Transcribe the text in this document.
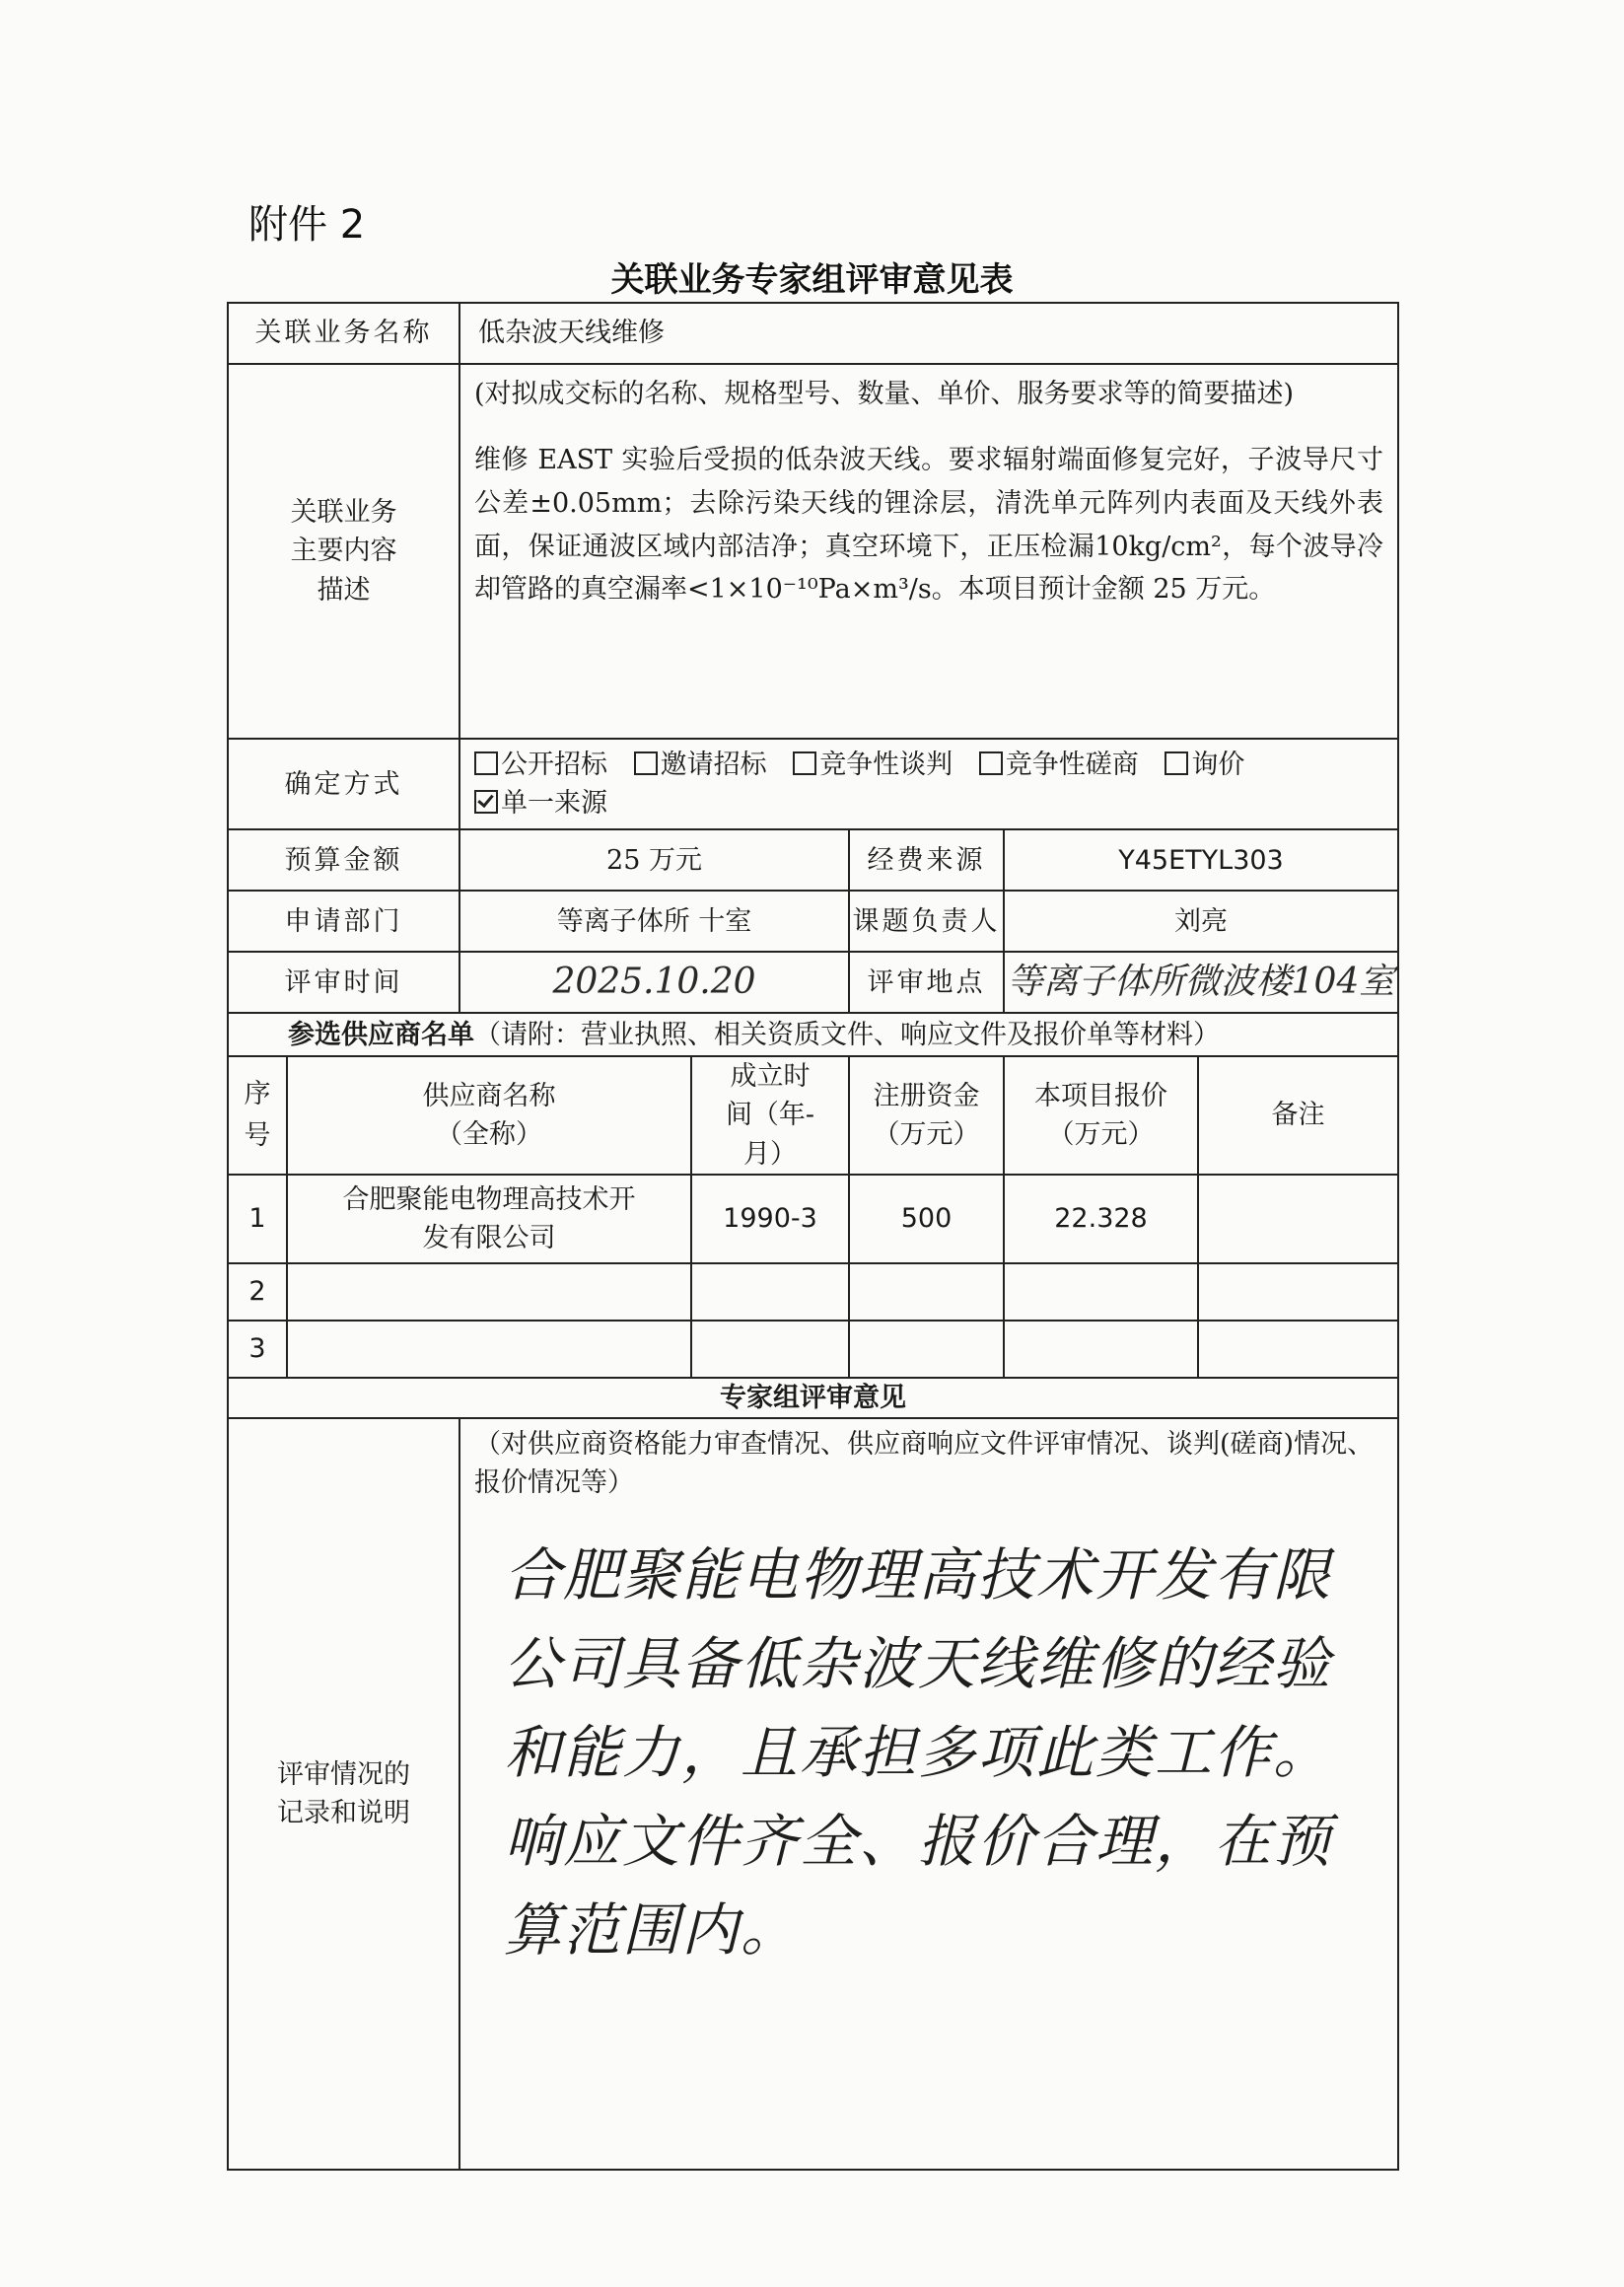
附件 2
关联业务专家组评审意见表
关联业务名称		低杂波天线维修				
关联业务主要内容描述		(对拟成交标的名称、规格型号、数量、单价、服务要求等的简要描述)
维修 EAST 实验后受损的低杂波天线。要求辐射端面修复完好，子波导尺寸公差±0.05mm；去除污染天线的锂涂层，清洗单元阵列内表面及天线外表面，保证通波区域内部洁净；真空环境下，正压检漏10kg/cm²，每个波导冷却管路的真空漏率<1×10⁻¹⁰Pa×m³/s。本项目预计金额 25 万元。				

确定方式		公开招标 邀请招标 竞争性谈判 竞争性磋商 询价
单一来源				
预算金额		25 万元		经费来源	Y45ETYL303	
申请部门		等离子体所 十室		课题负责人	刘亮	
评审时间		2025.10.20		评审地点	等离子体所微波楼104室	
参选供应商名单（请附：营业执照、相关资质文件、响应文件及报价单等材料）						
序号	供应商名称（全称）		成立时间（年-月）	注册资金（万元）	本项目报价（万元）	备注
1	合肥聚能电物理高技术开发有限公司		1990-3	500	22.328	
2						
3						
专家组评审意见						
评审情况的记录和说明		（对供应商资格能力审查情况、供应商响应文件评审情况、谈判(磋商)情况、报价情况等）
合肥聚能电物理高技术开发有限公司具备低杂波天线维修的经验和能力，且承担多项此类工作。响应文件齐全、报价合理，在预算范围内。				
